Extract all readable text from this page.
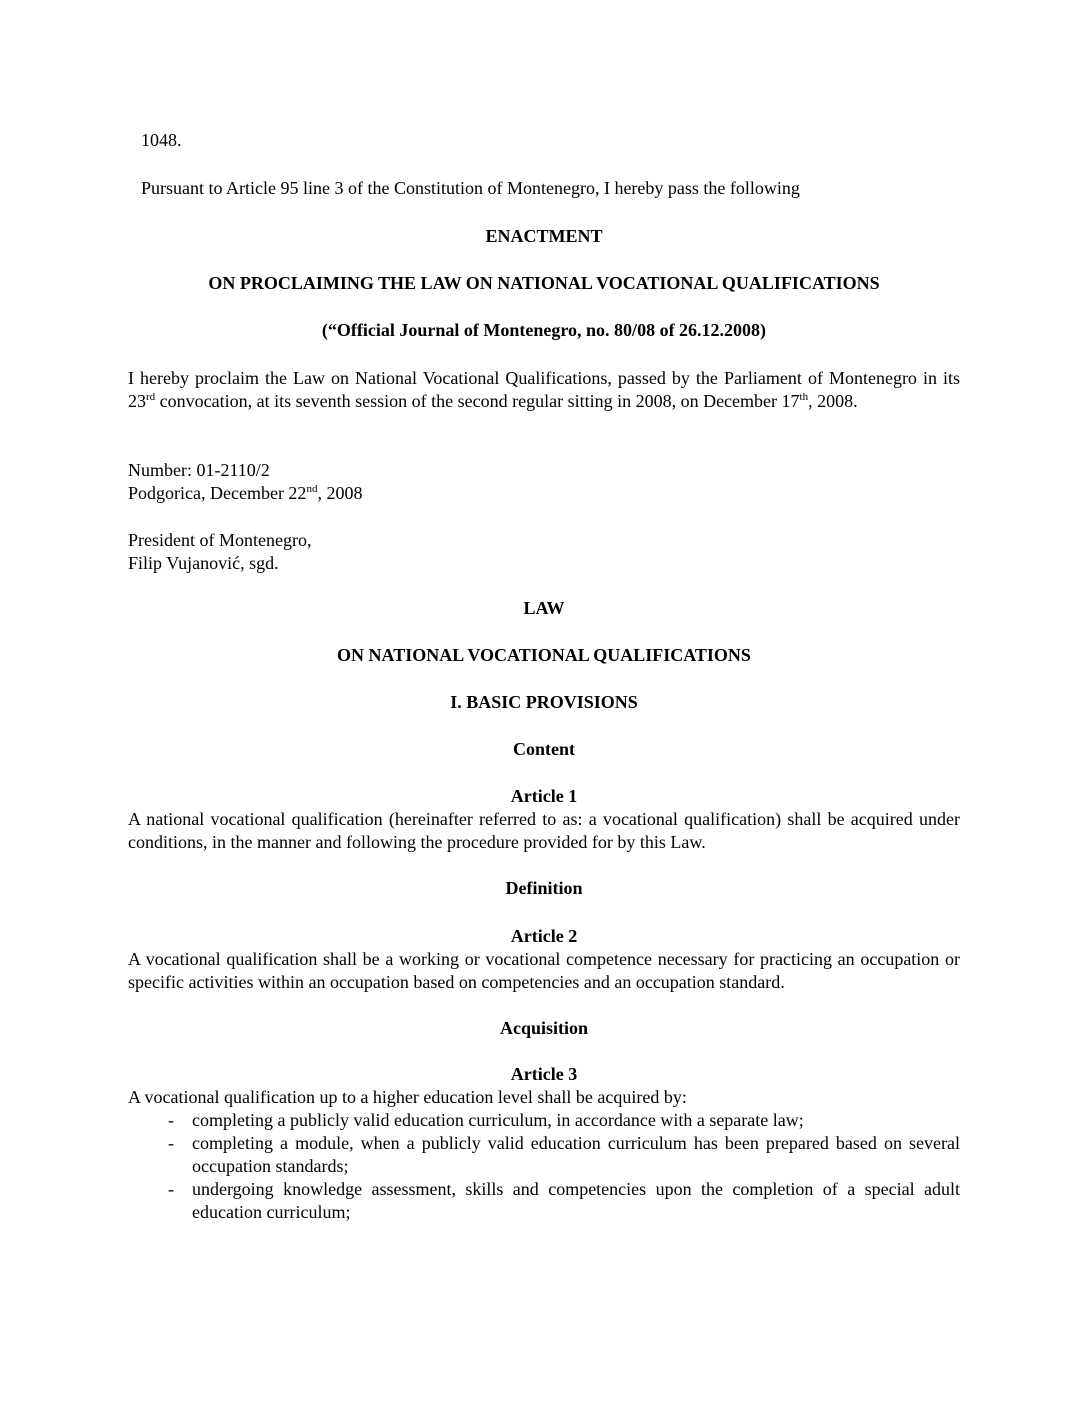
1048.

Pursuant to Article 95 line 3 of the Constitution of Montenegro, I hereby pass the following

ENACTMENT

ON PROCLAIMING THE LAW ON NATIONAL VOCATIONAL QUALIFICATIONS

(“Official Journal of Montenegro, no. 80/08 of 26.12.2008)

I hereby proclaim the Law on National Vocational Qualifications, passed by the Parliament of Montenegro in its 23rd convocation, at its seventh session of the second regular sitting in 2008, on December 17th, 2008.

Number: 01-2110/2

Podgorica, December 22nd, 2008

President of Montenegro,

Filip Vujanović, sgd.

LAW

ON NATIONAL VOCATIONAL QUALIFICATIONS

I. BASIC PROVISIONS

Content

Article 1

A national vocational qualification (hereinafter referred to as: a vocational qualification) shall be acquired under conditions, in the manner and following the procedure provided for by this Law.

Definition

Article 2

A vocational qualification shall be a working or vocational competence necessary for practicing an occupation or specific activities within an occupation based on competencies and an occupation standard.

Acquisition

Article 3

A vocational qualification up to a higher education level shall be acquired by:

- completing a publicly valid education curriculum, in accordance with a separate law;
- completing a module, when a publicly valid education curriculum has been prepared based on several occupation standards;
- undergoing knowledge assessment, skills and competencies upon the completion of a special adult education curriculum;
